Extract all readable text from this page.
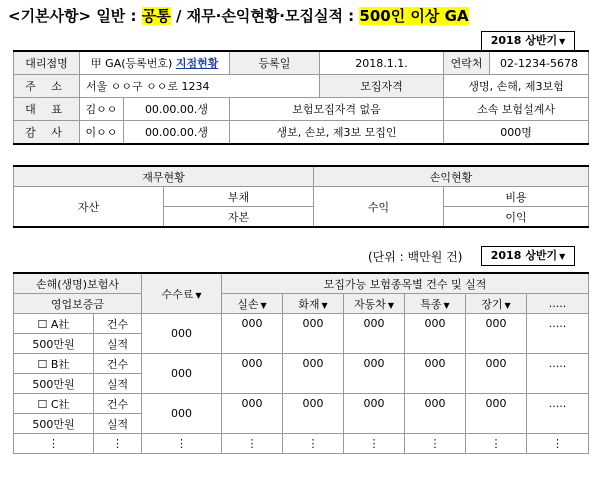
<기본사항> 일반 : 공통 / 재무·손익현황·모집실적 : 500인 이상 GA
2018 상반기 ▼
대리점명	甲 GA(등록번호) 지점현황		등록일	2018.1.1.	연락처	02-1234-5678
주 소	서울 ㅇㅇ구 ㅇㅇ로 1234			모집자격	생명, 손해, 제3보험	
대 표	김ㅇㅇ	00.00.00.생	보험모집자격 없음		소속 보험설계사	
감 사	이ㅇㅇ	00.00.00.생	생보, 손보, 제3보 모집인		000명	
재무현황		손익현황	
자산	부채	수익	비용
	자본		이익
(단위 : 백만원 건)	2018 상반기 ▼
손해(생명)보험사		수수료 ▼	모집가능 보험종목별 건수 및 실적					
영업보증금			실손 ▼	화재 ▼	자동차 ▼	특종 ▼	장기 ▼	.....
☐ A社	건수	000	000	000	000	000	000	.....
500만원	실적							
☐ B社	건수	000	000	000	000	000	000	.....
500만원	실적							
☐ C社	건수	000	000	000	000	000	000	.....
500만원	실적							
⋮	⋮	⋮	⋮	⋮	⋮	⋮	⋮	⋮
